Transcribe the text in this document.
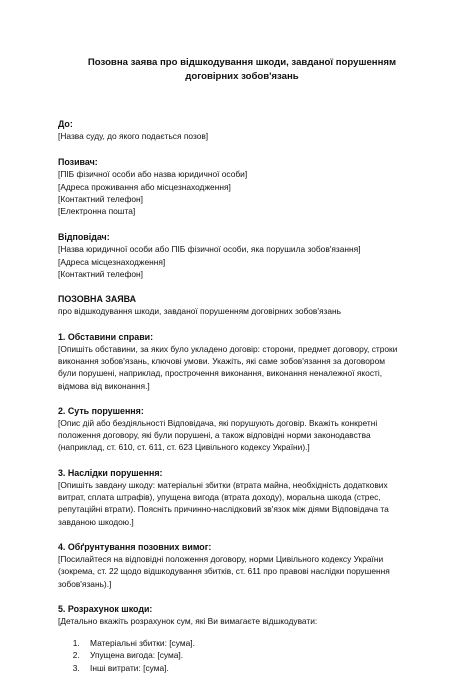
Позовна заява про відшкодування шкоди, завданої порушенням
договірних зобов'язань

До:

[Назва суду, до якого подається позов]

Позивач:

[ПІБ фізичної особи або назва юридичної особи]

[Адреса проживання або місцезнаходження]

[Контактний телефон]

[Електронна пошта]

Відповідач:

[Назва юридичної особи або ПІБ фізичної особи, яка порушила зобов'язання]

[Адреса місцезнаходження]

[Контактний телефон]

ПОЗОВНА ЗАЯВА

про відшкодування шкоди, завданої порушенням договірних зобов'язань

1. Обставини справи:

[Опишіть обставини, за яких було укладено договір: сторони, предмет договору, строки

виконання зобов'язань, ключові умови. Укажіть, які саме зобов'язання за договором

були порушені, наприклад, прострочення виконання, виконання неналежної якості,

відмова від виконання.]

2. Суть порушення:

[Опис дій або бездіяльності Відповідача, які порушують договір. Вкажіть конкретні

положення договору, які були порушені, а також відповідні норми законодавства

(наприклад, ст. 610, ст. 611, ст. 623 Цивільного кодексу України).]

3. Наслідки порушення:

[Опишіть завдану шкоду: матеріальні збитки (втрата майна, необхідність додаткових

витрат, сплата штрафів), упущена вигода (втрата доходу), моральна шкода (стрес,

репутаційні втрати). Поясніть причинно-наслідковий зв'язок між діями Відповідача та

завданою шкодою.]

4. Обґрунтування позовних вимог:

[Посилайтеся на відповідні положення договору, норми Цивільного кодексу України

(зокрема, ст. 22 щодо відшкодування збитків, ст. 611 про правові наслідки порушення

зобов'язань).]

5. Розрахунок шкоди:

[Детально вкажіть розрахунок сум, які Ви вимагаєте відшкодувати:

1. Матеріальні збитки: [сума].
2. Упущена вигода: [сума].
3. Інші витрати: [сума].
